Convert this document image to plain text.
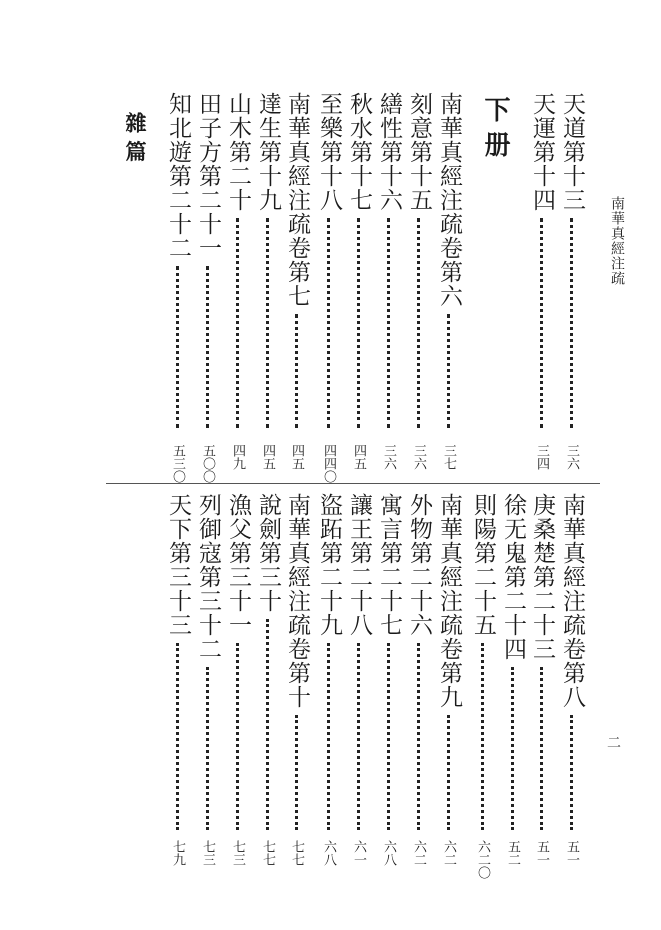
南華真經注疏
二
下 册
雜 篇	天道第十三
三六
天運第十四
三四
南華真經注疏卷第六
三七
刻意第十五
三六
繕性第十六
三六
秋水第十七
四五
至樂第十八
四四〇
南華真經注疏卷第七
四五
達生第十九
四五
山木第二十
四九
田子方第二十一
五〇〇
知北遊第二十二
五三〇
南華真經注疏卷第八
五一
庚桑楚第二十三
五一
徐无鬼第二十四
五二
則陽第二十五
六二〇
南華真經注疏卷第九
六二
外物第二十六
六二
寓言第二十七
六八
讓王第二十八
六一
盜跖第二十九
六八
南華真經注疏卷第十
七七
說劍第三十
七七
漁父第三十一
七三
列御寇第三十二
七三
天下第三十三
七九
